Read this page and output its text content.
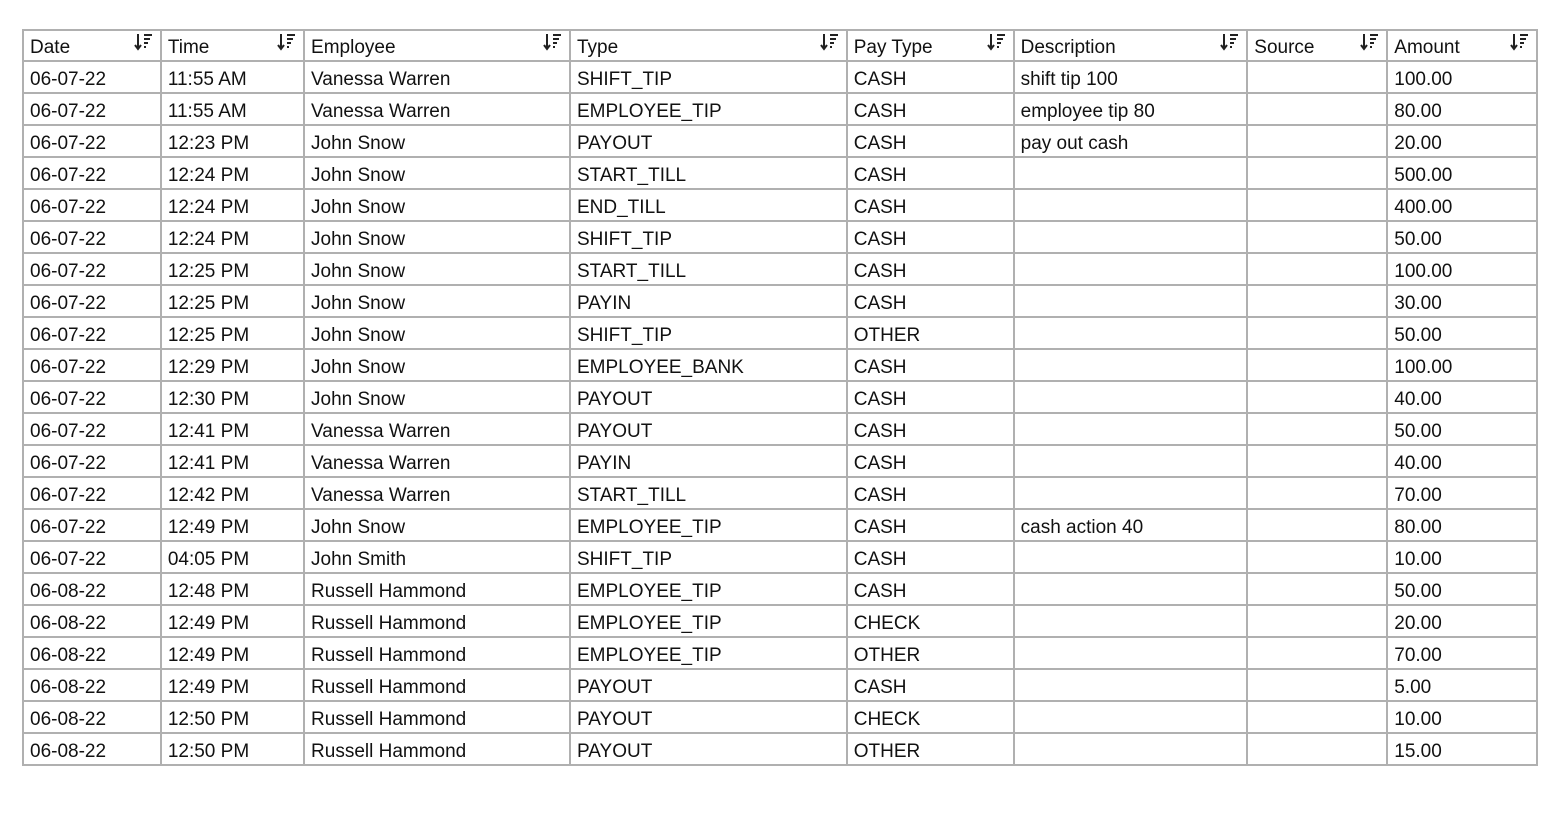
Date	Time	Employee	Type	Pay Type	Description	Source	Amount

06-07-22	11:55 AM	Vanessa Warren	SHIFT_TIP	CASH	shift tip 100		100.00
06-07-22	11:55 AM	Vanessa Warren	EMPLOYEE_TIP	CASH	employee tip 80		80.00
06-07-22	12:23 PM	John Snow	PAYOUT	CASH	pay out cash		20.00
06-07-22	12:24 PM	John Snow	START_TILL	CASH			500.00
06-07-22	12:24 PM	John Snow	END_TILL	CASH			400.00
06-07-22	12:24 PM	John Snow	SHIFT_TIP	CASH			50.00
06-07-22	12:25 PM	John Snow	START_TILL	CASH			100.00
06-07-22	12:25 PM	John Snow	PAYIN	CASH			30.00
06-07-22	12:25 PM	John Snow	SHIFT_TIP	OTHER			50.00
06-07-22	12:29 PM	John Snow	EMPLOYEE_BANK	CASH			100.00
06-07-22	12:30 PM	John Snow	PAYOUT	CASH			40.00
06-07-22	12:41 PM	Vanessa Warren	PAYOUT	CASH			50.00
06-07-22	12:41 PM	Vanessa Warren	PAYIN	CASH			40.00
06-07-22	12:42 PM	Vanessa Warren	START_TILL	CASH			70.00
06-07-22	12:49 PM	John Snow	EMPLOYEE_TIP	CASH	cash action 40		80.00
06-07-22	04:05 PM	John Smith	SHIFT_TIP	CASH			10.00
06-08-22	12:48 PM	Russell Hammond	EMPLOYEE_TIP	CASH			50.00
06-08-22	12:49 PM	Russell Hammond	EMPLOYEE_TIP	CHECK			20.00
06-08-22	12:49 PM	Russell Hammond	EMPLOYEE_TIP	OTHER			70.00
06-08-22	12:49 PM	Russell Hammond	PAYOUT	CASH			5.00
06-08-22	12:50 PM	Russell Hammond	PAYOUT	CHECK			10.00
06-08-22	12:50 PM	Russell Hammond	PAYOUT	OTHER			15.00
